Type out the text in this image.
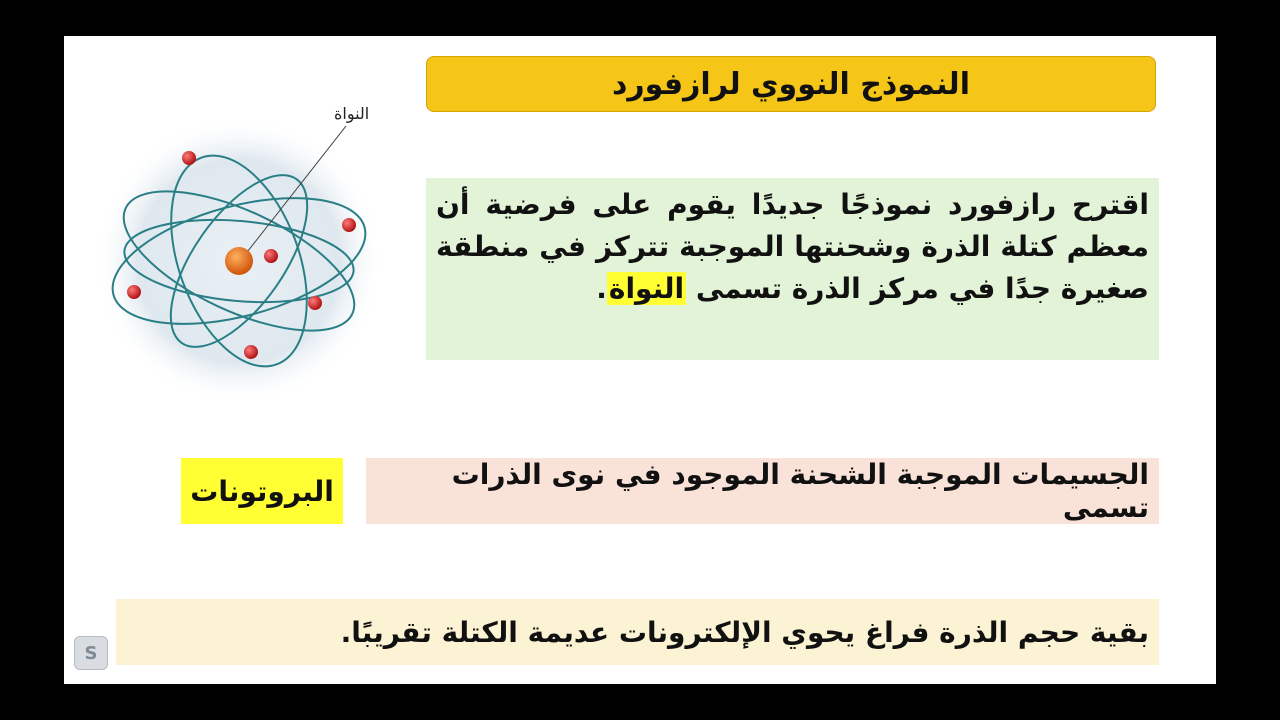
النموذج النووي لرازفورد
النواة
اقترح رازفورد نموذجًا جديدًا يقوم على فرضية أن معظم كتلة الذرة وشحنتها الموجبة تتركز في منطقة صغيرة جدًا في مركز الذرة تسمى النواة.
الجسيمات الموجبة الشحنة الموجود في نوى الذرات تسمى
البروتونات
بقية حجم الذرة فراغ يحوي الإلكترونات عديمة الكتلة تقريبًا.
S
